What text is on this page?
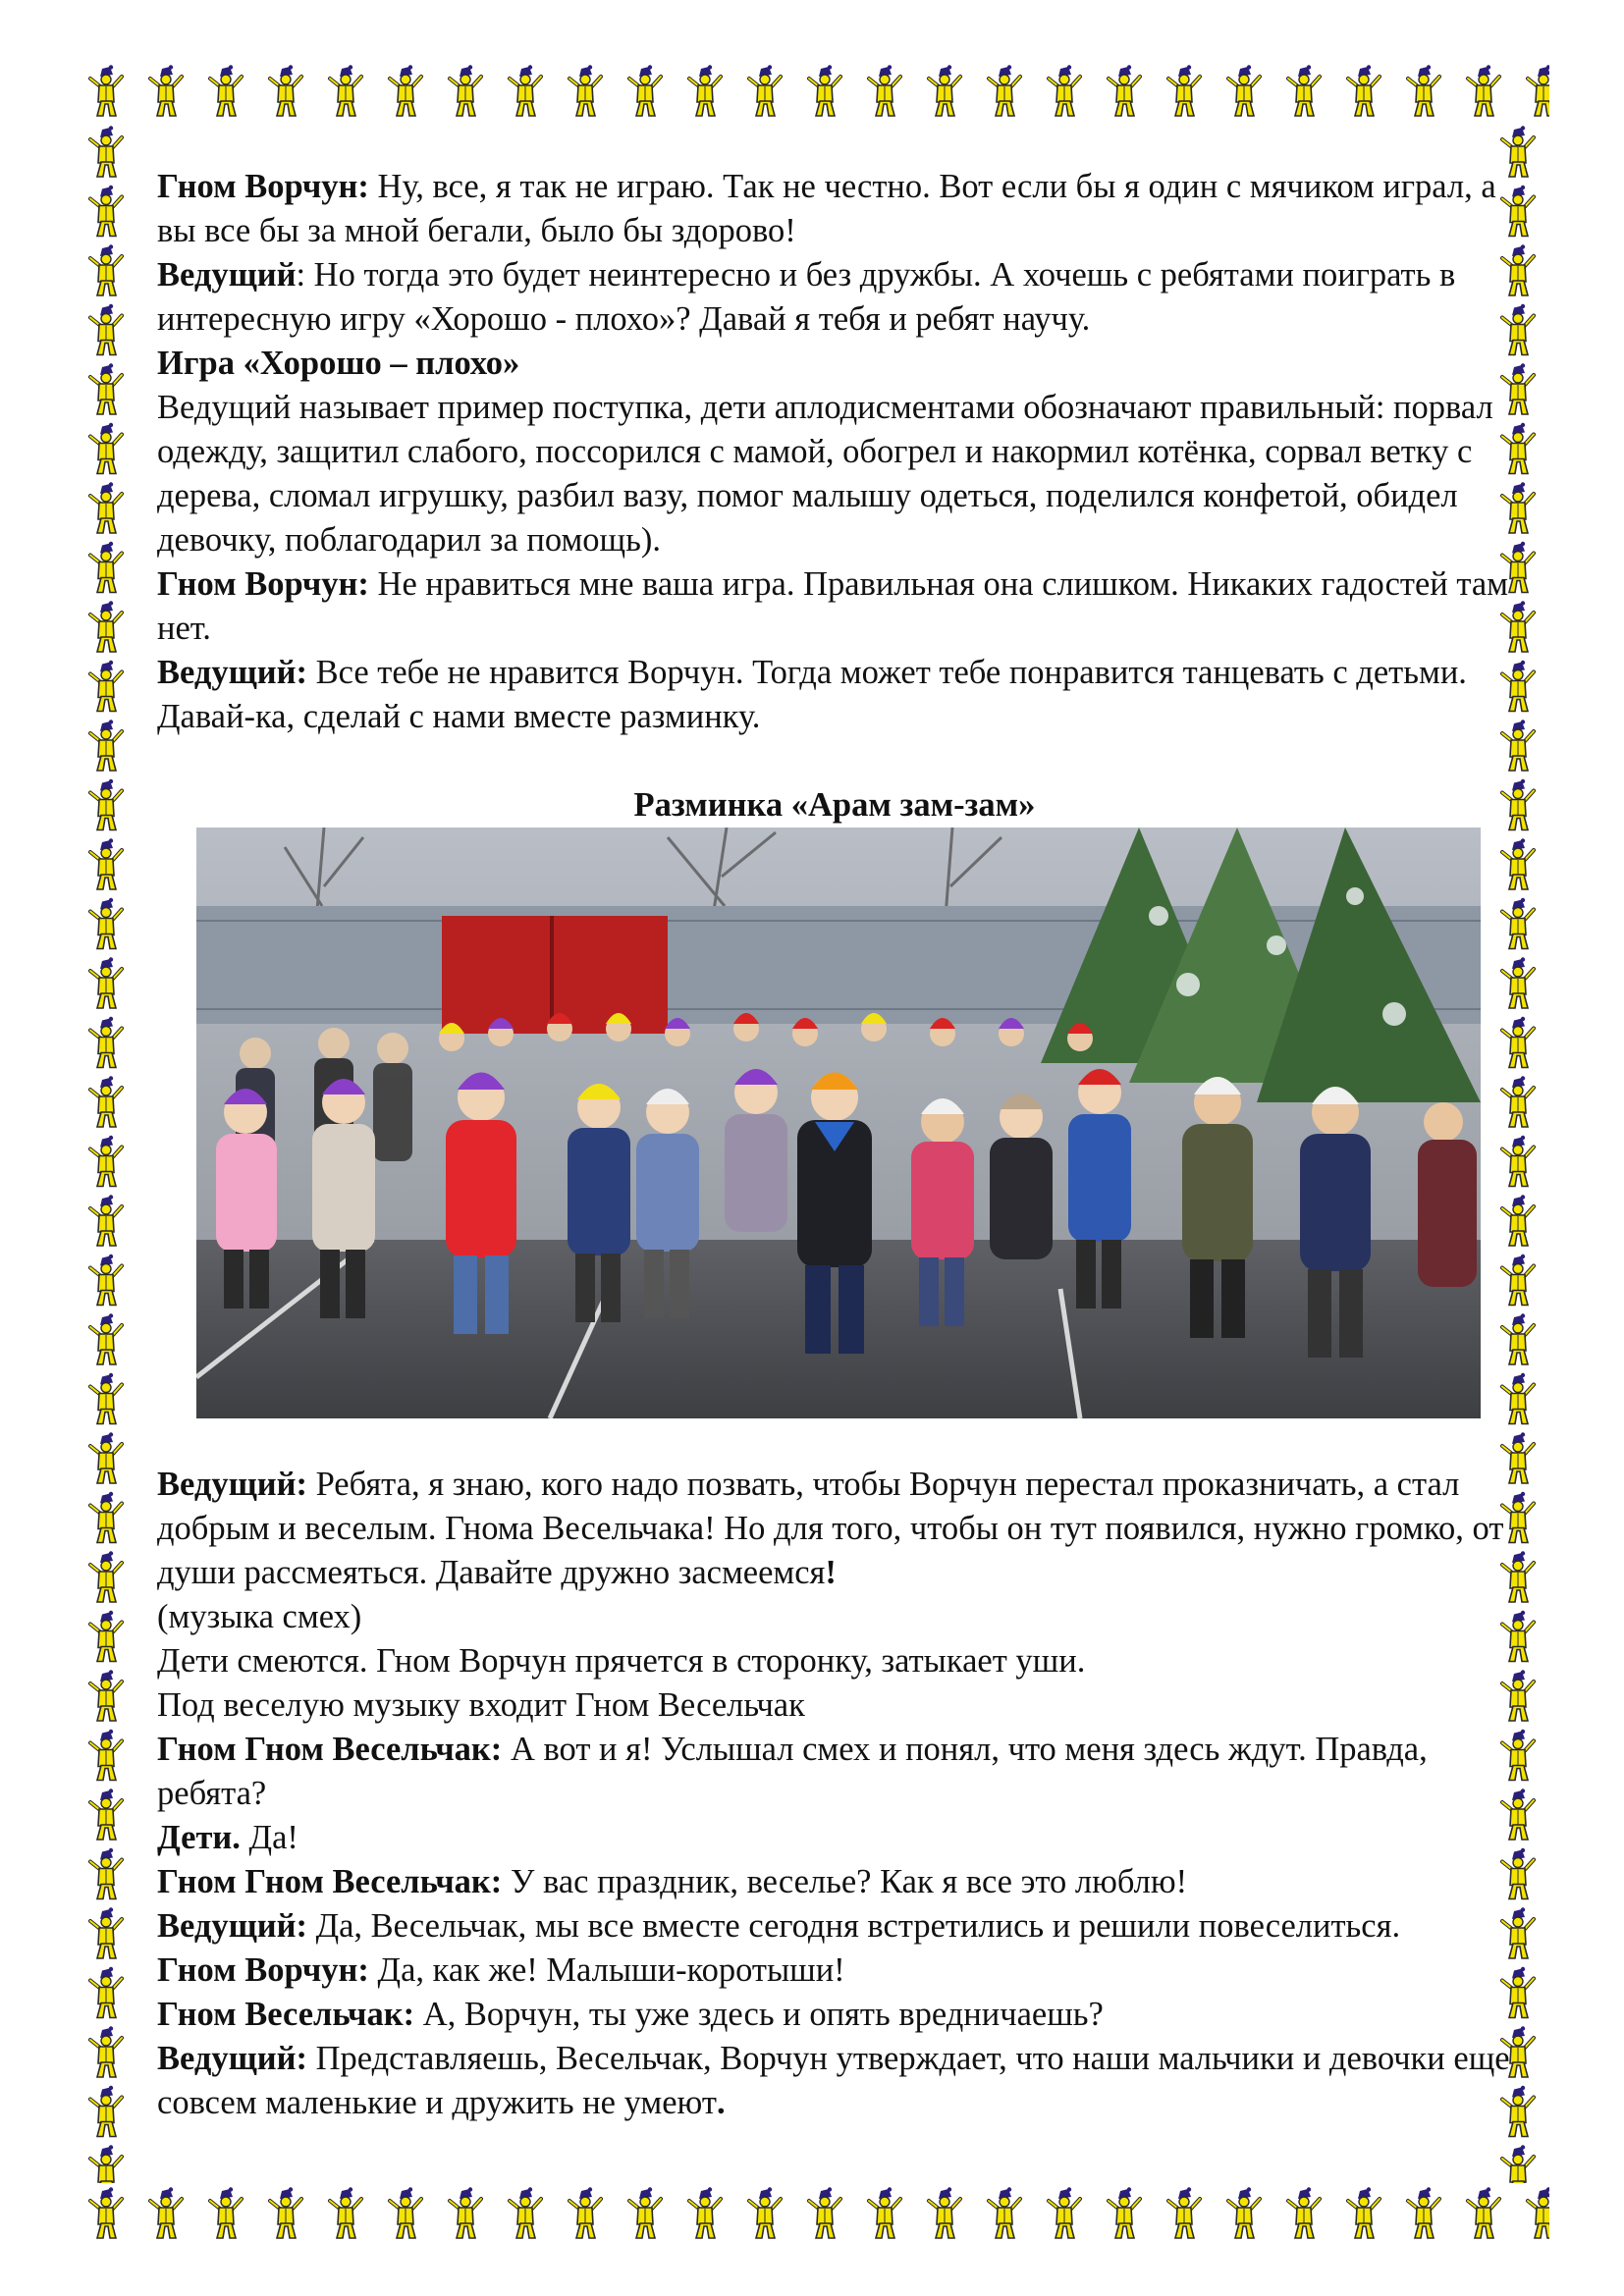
Гном Ворчун: Ну, все, я так не играю. Так не честно. Вот если бы я один с мячиком играл, а вы все бы за мной бегали, было бы здорово!

Ведущий: Но тогда это будет неинтересно и без дружбы. А хочешь с ребятами поиграть в интересную игру «Хорошо - плохо»? Давай я тебя и ребят научу.

Игра «Хорошо – плохо»

Ведущий называет пример поступка, дети аплодисментами обозначают правильный: порвал одежду, защитил слабого, поссорился с мамой, обогрел и накормил котёнка, сорвал ветку с дерева, сломал игрушку, разбил вазу, помог малышу одеться, поделился конфетой, обидел девочку, поблагодарил за помощь).

Гном Ворчун: Не нравиться мне ваша игра. Правильная она слишком. Никаких гадостей там нет.

Ведущий: Все тебе не нравится Ворчун. Тогда может тебе понравится танцевать с детьми. Давай-ка, сделай с нами вместе разминку.

Разминка «Арам зам-зам»

Ведущий: Ребята, я знаю, кого надо позвать, чтобы Ворчун перестал проказничать, а стал добрым и веселым. Гнома Весельчака! Но для того, чтобы он тут появился, нужно громко, от души рассмеяться. Давайте дружно засмеемся!

(музыка смех)

Дети смеются. Гном Ворчун прячется в сторонку, затыкает уши.

Под веселую музыку входит Гном Весельчак

Гном Гном Весельчак: А вот и я! Услышал смех и понял, что меня здесь ждут. Правда, ребята?

Дети. Да!

Гном Гном Весельчак: У вас праздник, веселье? Как я все это люблю!

Ведущий: Да, Весельчак, мы все вместе сегодня встретились и решили повеселиться.

Гном Ворчун: Да, как же! Малыши-коротыши!

Гном Весельчак: А, Ворчун, ты уже здесь и опять вредничаешь?

Ведущий: Представляешь, Весельчак, Ворчун утверждает, что наши мальчики и девочки еще совсем маленькие и дружить не умеют.
